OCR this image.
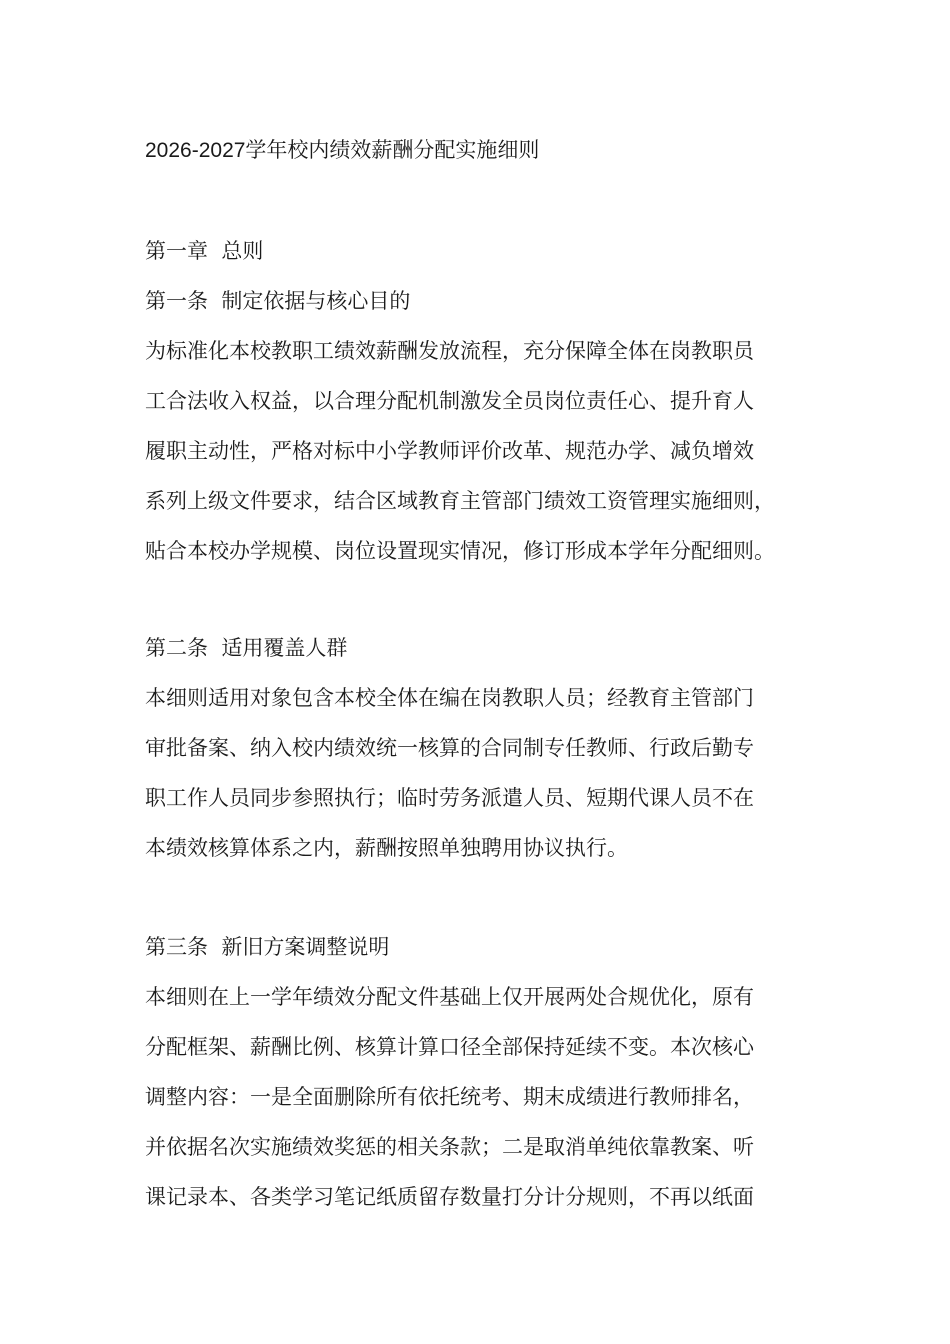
2026-2027学年校内绩效薪酬分配实施细则
第一章  总则
第一条  制定依据与核心目的
为标准化本校教职工绩效薪酬发放流程，充分保障全体在岗教职员
工合法收入权益，以合理分配机制激发全员岗位责任心、提升育人
履职主动性，严格对标中小学教师评价改革、规范办学、减负增效
系列上级文件要求，结合区域教育主管部门绩效工资管理实施细则，
贴合本校办学规模、岗位设置现实情况，修订形成本学年分配细则。
第二条  适用覆盖人群
本细则适用对象包含本校全体在编在岗教职人员；经教育主管部门
审批备案、纳入校内绩效统一核算的合同制专任教师、行政后勤专
职工作人员同步参照执行；临时劳务派遣人员、短期代课人员不在
本绩效核算体系之内，薪酬按照单独聘用协议执行。
第三条  新旧方案调整说明
本细则在上一学年绩效分配文件基础上仅开展两处合规优化，原有
分配框架、薪酬比例、核算计算口径全部保持延续不变。本次核心
调整内容：一是全面删除所有依托统考、期末成绩进行教师排名，
并依据名次实施绩效奖惩的相关条款；二是取消单纯依靠教案、听
课记录本、各类学习笔记纸质留存数量打分计分规则，不再以纸面
